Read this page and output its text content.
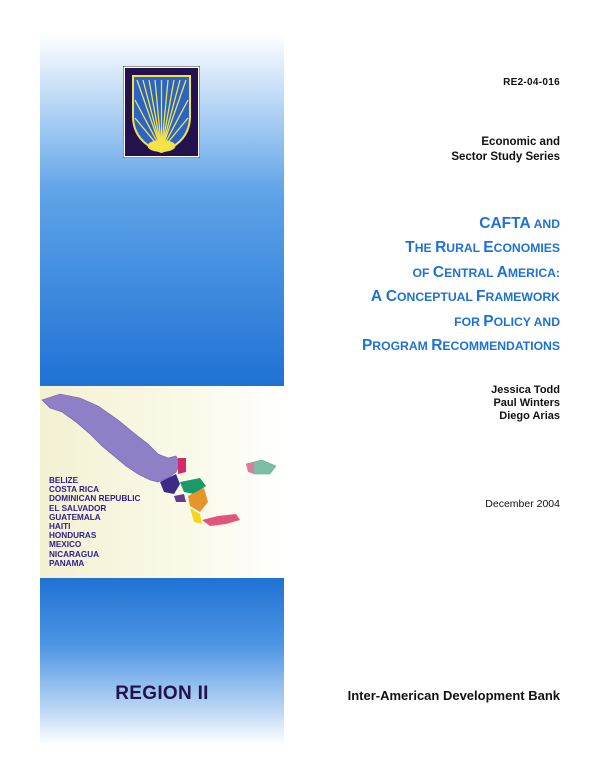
BELIZE
COSTA RICA
DOMINICAN REPUBLIC
EL SALVADOR
GUATEMALA
HAITI
HONDURAS
MEXICO
NICARAGUA
PANAMA
RE2-04-016
Economic and
Sector Study Series
CAFTA AND
THE RURAL ECONOMIES
OF CENTRAL AMERICA:
A CONCEPTUAL FRAMEWORK
FOR POLICY AND
PROGRAM RECOMMENDATIONS
Jessica Todd
Paul Winters
Diego Arias
December 2004
REGION II	Inter-American Development Bank
